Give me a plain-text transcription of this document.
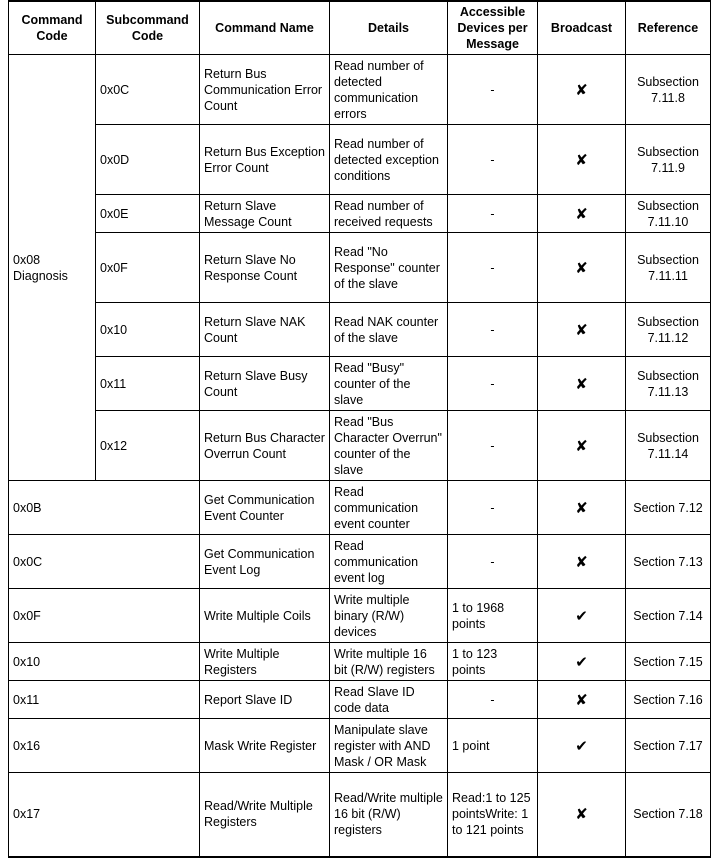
Command Code	Subcommand Code	Command Name	Details	Accessible Devices per Message	Broadcast	Reference
0x08 Diagnosis	0x0C	Return Bus Communication Error Count	Read number of detected communication errors	-	✘	Subsection 7.11.8
	0x0D	Return Bus Exception Error Count	Read number of detected exception conditions	-	✘	Subsection 7.11.9
	0x0E	Return Slave Message Count	Read number of received requests	-	✘	Subsection 7.11.10
	0x0F	Return Slave No Response Count	Read "No Response" counter of the slave	-	✘	Subsection 7.11.11
	0x10	Return Slave NAK Count	Read NAK counter of the slave	-	✘	Subsection 7.11.12
	0x11	Return Slave Busy Count	Read "Busy" counter of the slave	-	✘	Subsection 7.11.13
	0x12	Return Bus Character Overrun Count	Read "Bus Character Overrun" counter of the slave	-	✘	Subsection 7.11.14
0x0B		Get Communication Event Counter	Read communication event counter	-	✘	Section 7.12
0x0C		Get Communication Event Log	Read communication event log	-	✘	Section 7.13
0x0F		Write Multiple Coils	Write multiple binary (R/W) devices	1 to 1968 points	✔	Section 7.14
0x10		Write Multiple Registers	Write multiple 16 bit (R/W) registers	1 to 123 points	✔	Section 7.15
0x11		Report Slave ID	Read Slave ID code data	-	✘	Section 7.16
0x16		Mask Write Register	Manipulate slave register with AND Mask / OR Mask	1 point	✔	Section 7.17
0x17		Read/Write Multiple Registers	Read/Write multiple 16 bit (R/W) registers	Read:1 to 125 pointsWrite: 1 to 121 points	✘	Section 7.18
